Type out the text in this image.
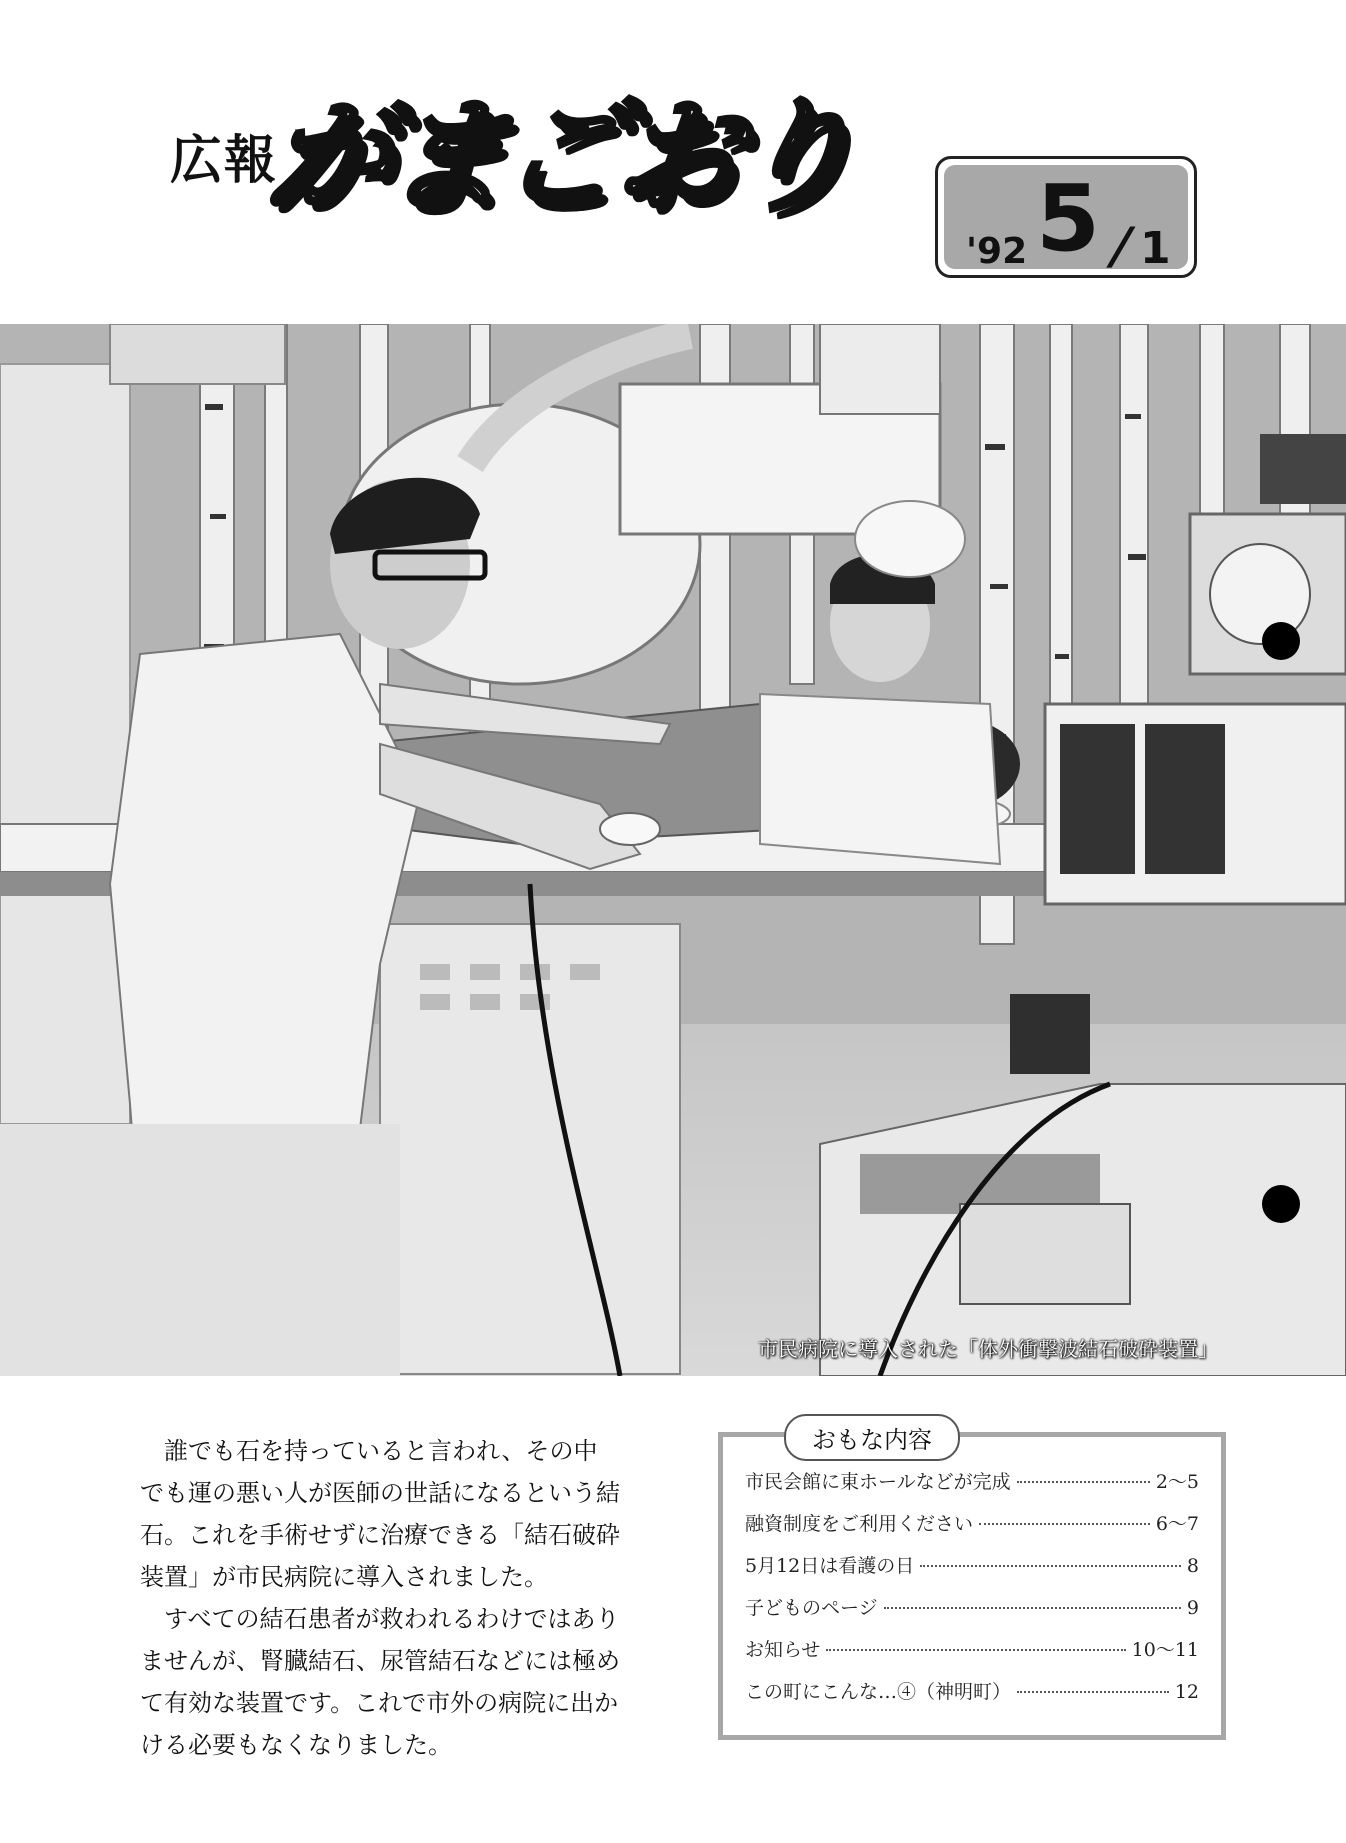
広報
がまごおり
'92 5 / 1
市民病院に導入された「体外衝撃波結石破砕装置」

誰でも石を持っていると言われ、その中でも運の悪い人が医師の世話になるという結石。これを手術せずに治療できる「結石破砕装置」が市民病院に導入されました。

すべての結石患者が救われるわけではありませんが、腎臓結石、尿管結石などには極めて有効な装置です。これで市外の病院に出かける必要もなくなりました。

市民会館に東ホールなどが完成	2〜5
融資制度をご利用ください	6〜7
5月12日は看護の日	8
子どものページ	9
お知らせ	10〜11
この町にこんな…④（神明町）	12
おもな内容
